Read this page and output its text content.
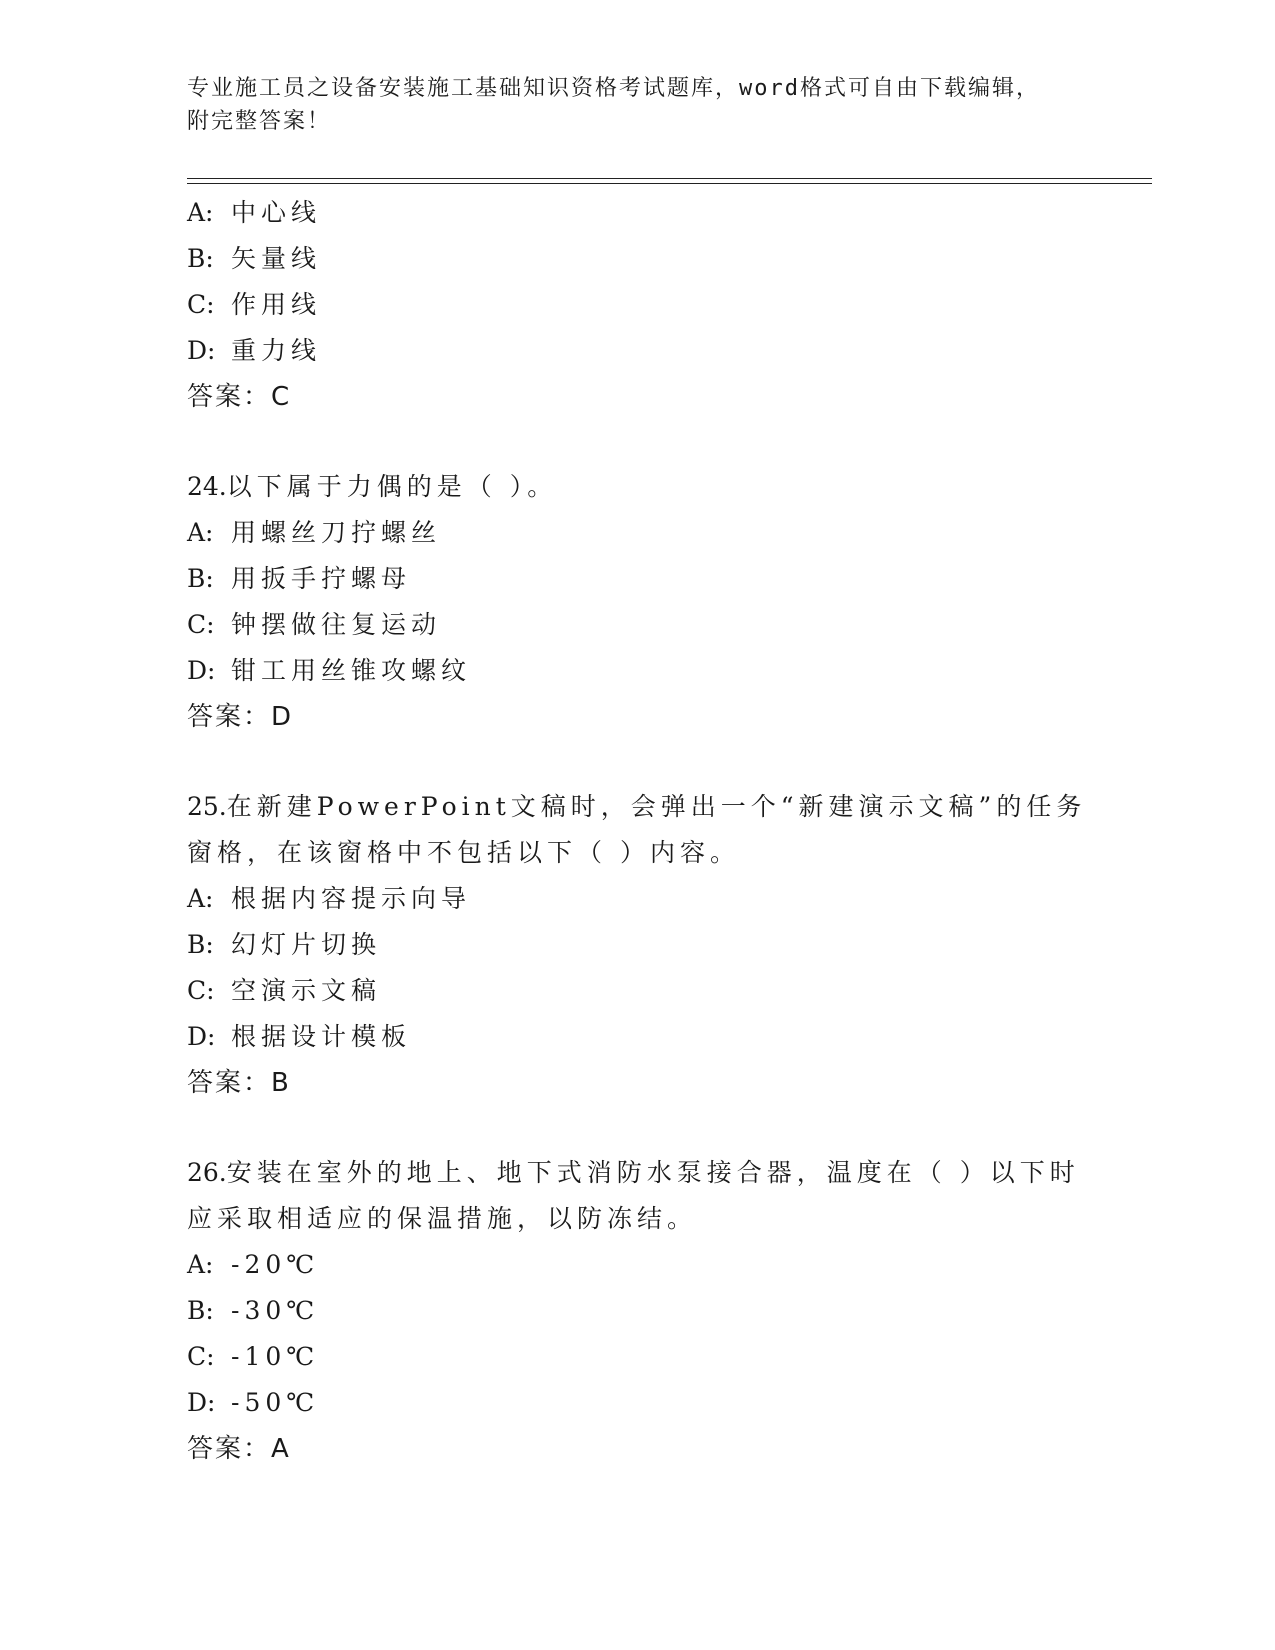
专业施工员之设备安装施工基础知识资格考试题库，word格式可自由下载编辑，
附完整答案！
A: 中心线
B: 矢量线
C: 作用线
D: 重力线
答案：C
24.以下属于力偶的是（ ）。
A: 用螺丝刀拧螺丝
B: 用扳手拧螺母
C: 钟摆做往复运动
D: 钳工用丝锥攻螺纹
答案：D
25.在新建PowerPoint文稿时，会弹出一个“新建演示文稿”的任务
窗格，在该窗格中不包括以下（ ）内容。
A: 根据内容提示向导
B: 幻灯片切换
C: 空演示文稿
D: 根据设计模板
答案：B
26.安装在室外的地上、地下式消防水泵接合器，温度在（ ）以下时
应采取相适应的保温措施，以防冻结。
A: -20℃
B: -30℃
C: -10℃
D: -50℃
答案：A
